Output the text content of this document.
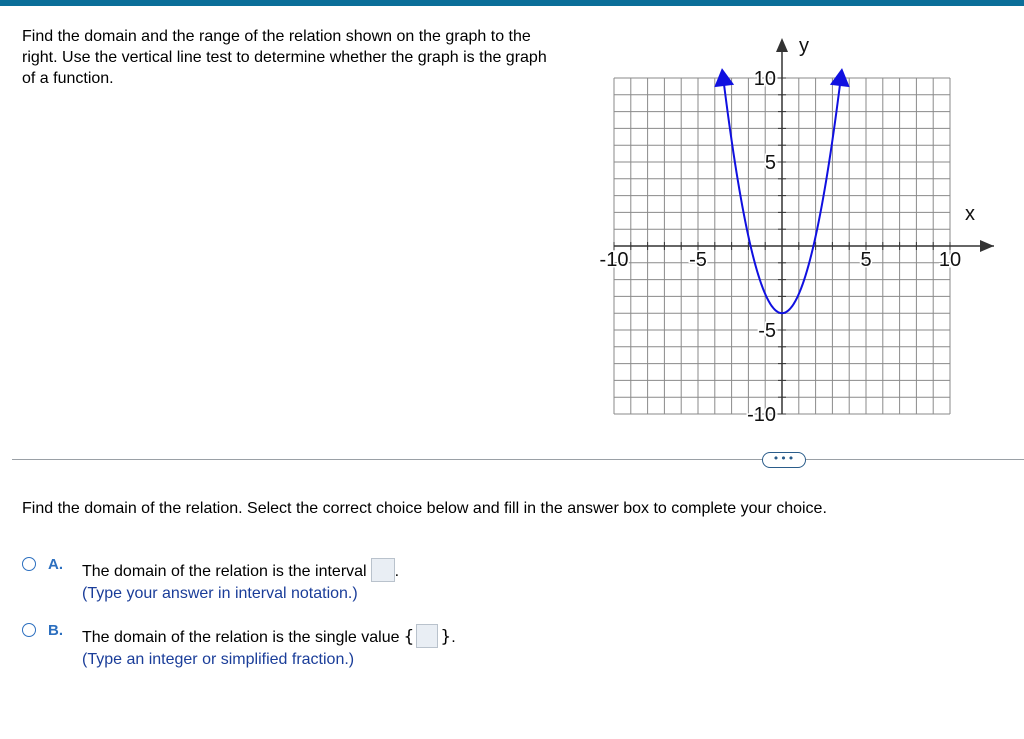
Find the domain and the range of the relation shown on the graph to the right. Use the vertical line test to determine whether the graph is the graph of a function.
-10	-5	5	10
10
5
-5
-10
x
y
•••
Find the domain of the relation. Select the correct choice below and fill in the answer box to complete your choice.
A. The domain of the relation is the interval .
(Type your answer in interval notation.)
B. The domain of the relation is the single value { }.
(Type an integer or simplified fraction.)
